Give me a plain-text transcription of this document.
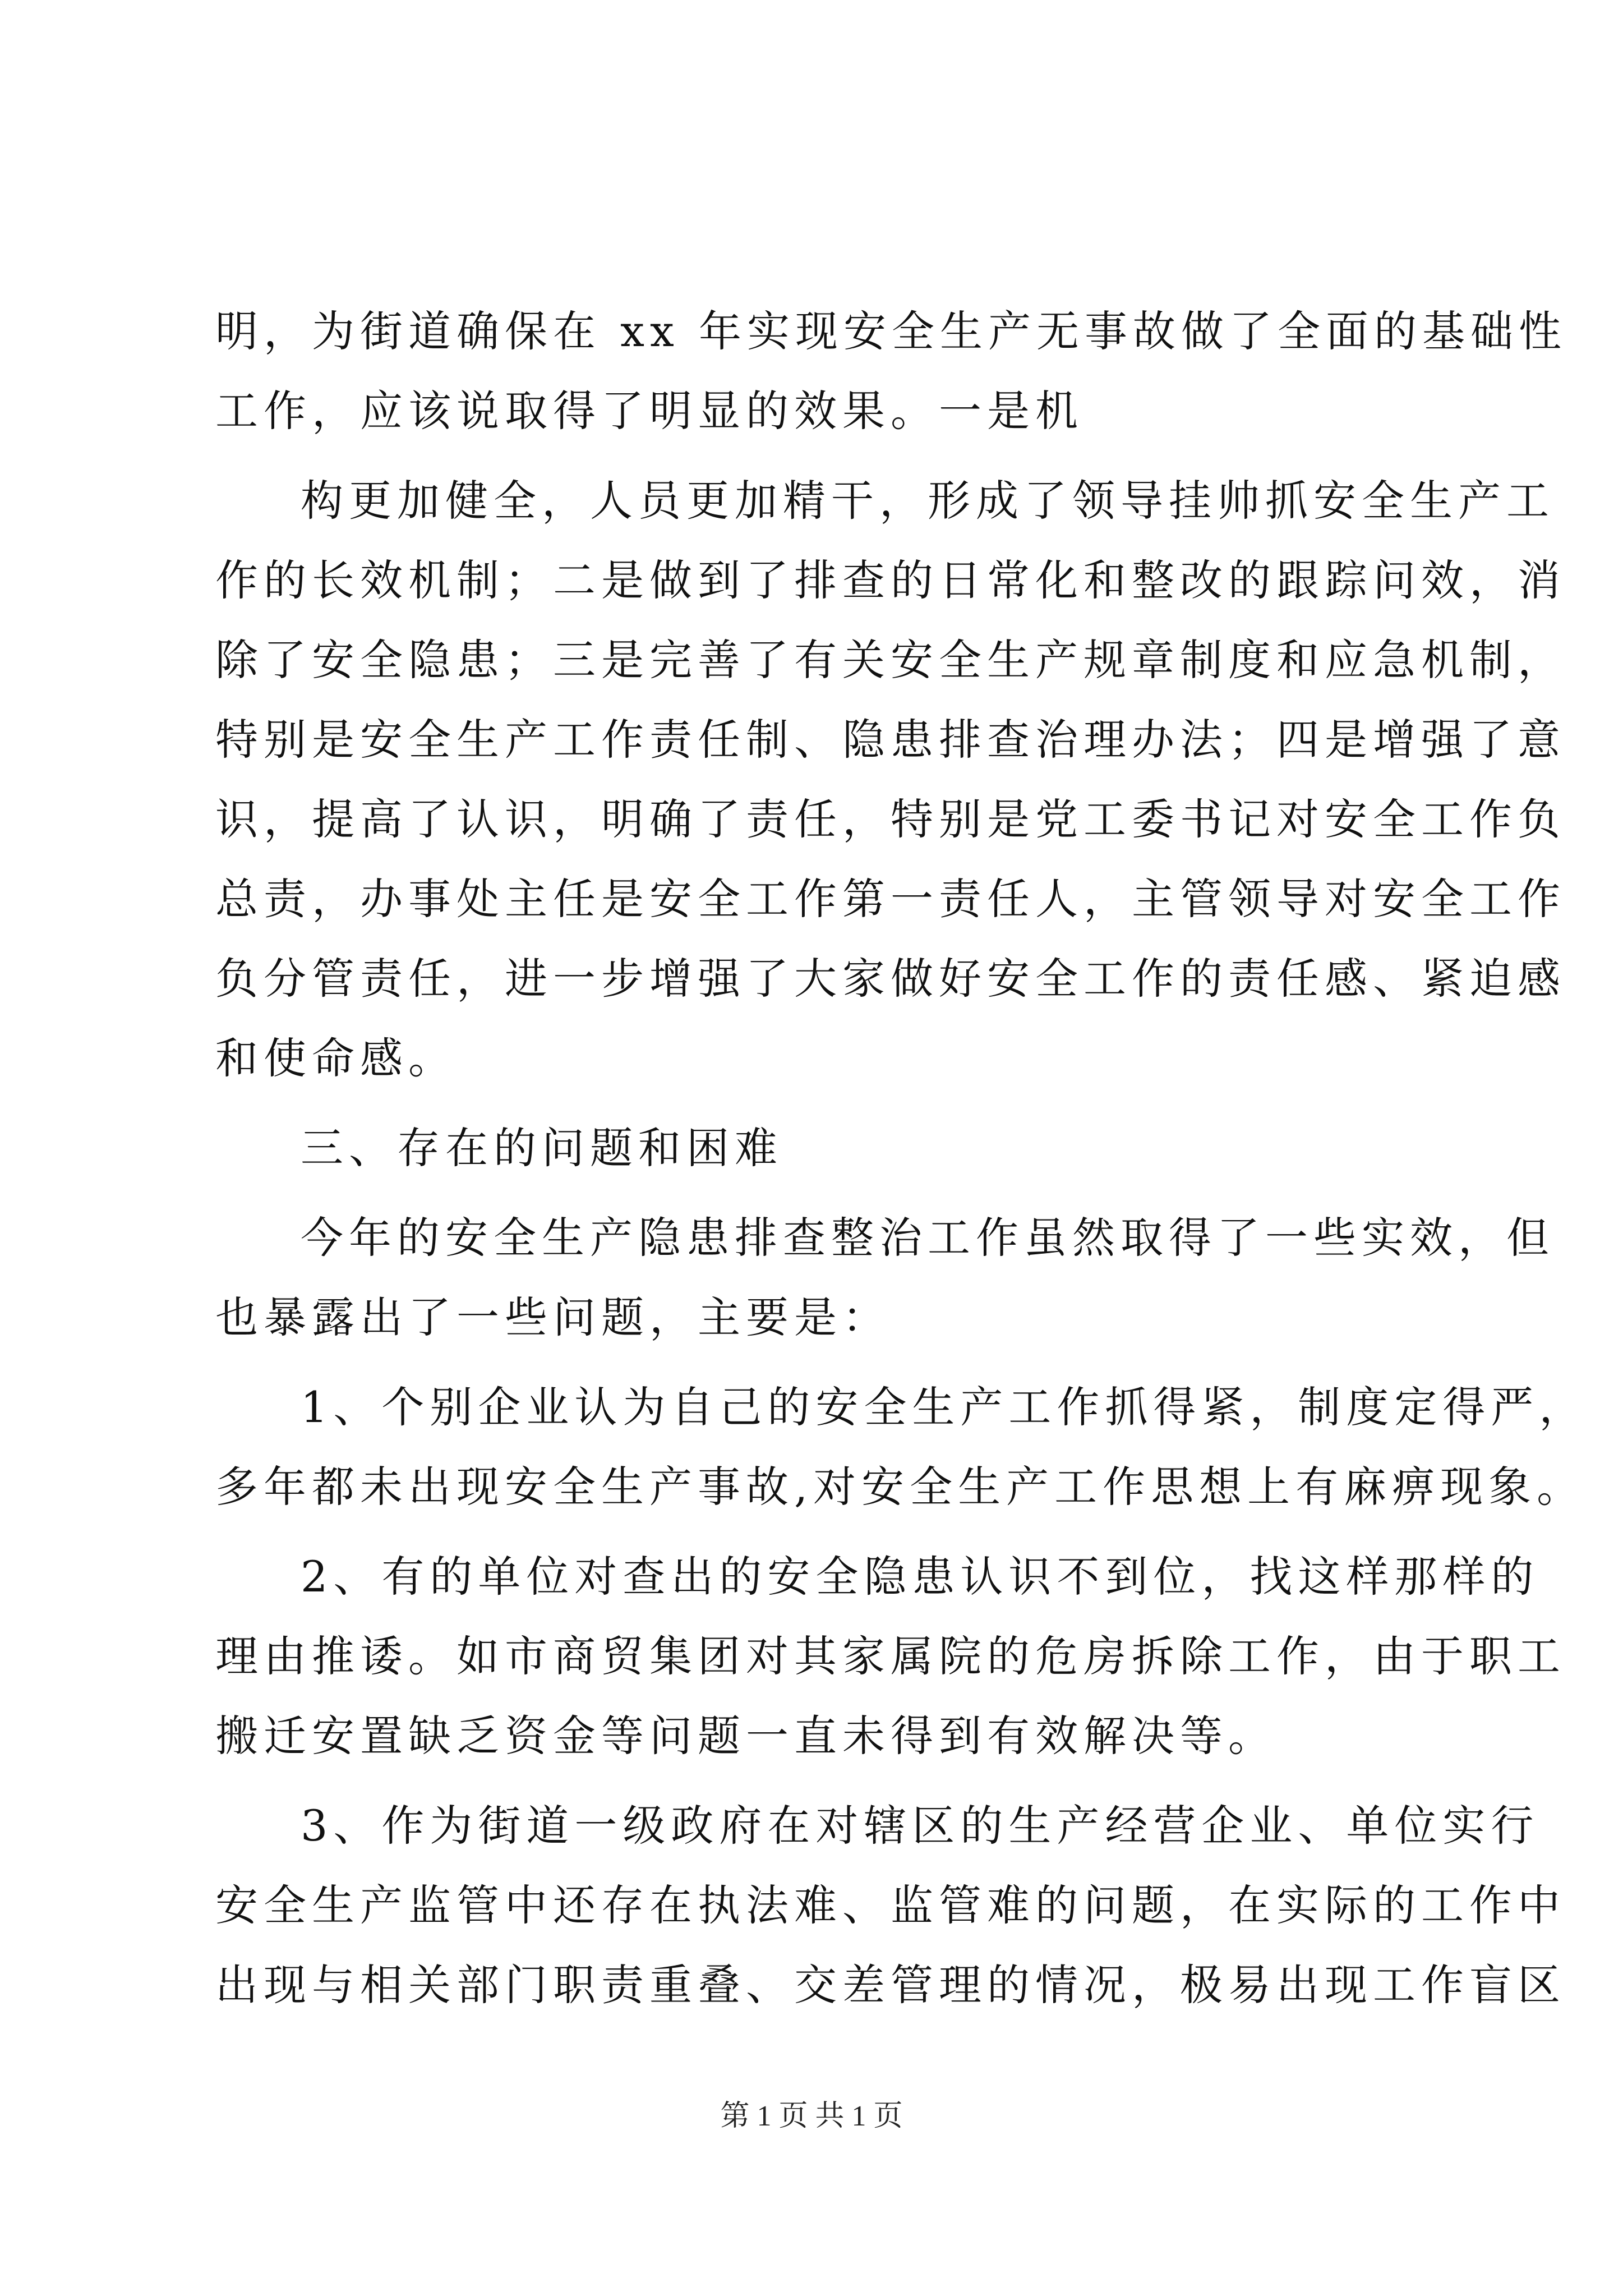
明，为街道确保在 xx 年实现安全生产无事故做了全面的基础性
工作，应该说取得了明显的效果。一是机
构更加健全，人员更加精干，形成了领导挂帅抓安全生产工
作的长效机制；二是做到了排查的日常化和整改的跟踪问效，消
除了安全隐患；三是完善了有关安全生产规章制度和应急机制，
特别是安全生产工作责任制、隐患排查治理办法；四是增强了意
识，提高了认识，明确了责任，特别是党工委书记对安全工作负
总责，办事处主任是安全工作第一责任人，主管领导对安全工作
负分管责任，进一步增强了大家做好安全工作的责任感、紧迫感
和使命感。
三、存在的问题和困难
今年的安全生产隐患排查整治工作虽然取得了一些实效，但
也暴露出了一些问题，主要是：
1、个别企业认为自己的安全生产工作抓得紧，制度定得严，
多年都未出现安全生产事故,对安全生产工作思想上有麻痹现象。
2、有的单位对查出的安全隐患认识不到位，找这样那样的
理由推诿。如市商贸集团对其家属院的危房拆除工作，由于职工
搬迁安置缺乏资金等问题一直未得到有效解决等。
3、作为街道一级政府在对辖区的生产经营企业、单位实行
安全生产监管中还存在执法难、监管难的问题，在实际的工作中
出现与相关部门职责重叠、交差管理的情况，极易出现工作盲区
第 1 页 共 1 页
